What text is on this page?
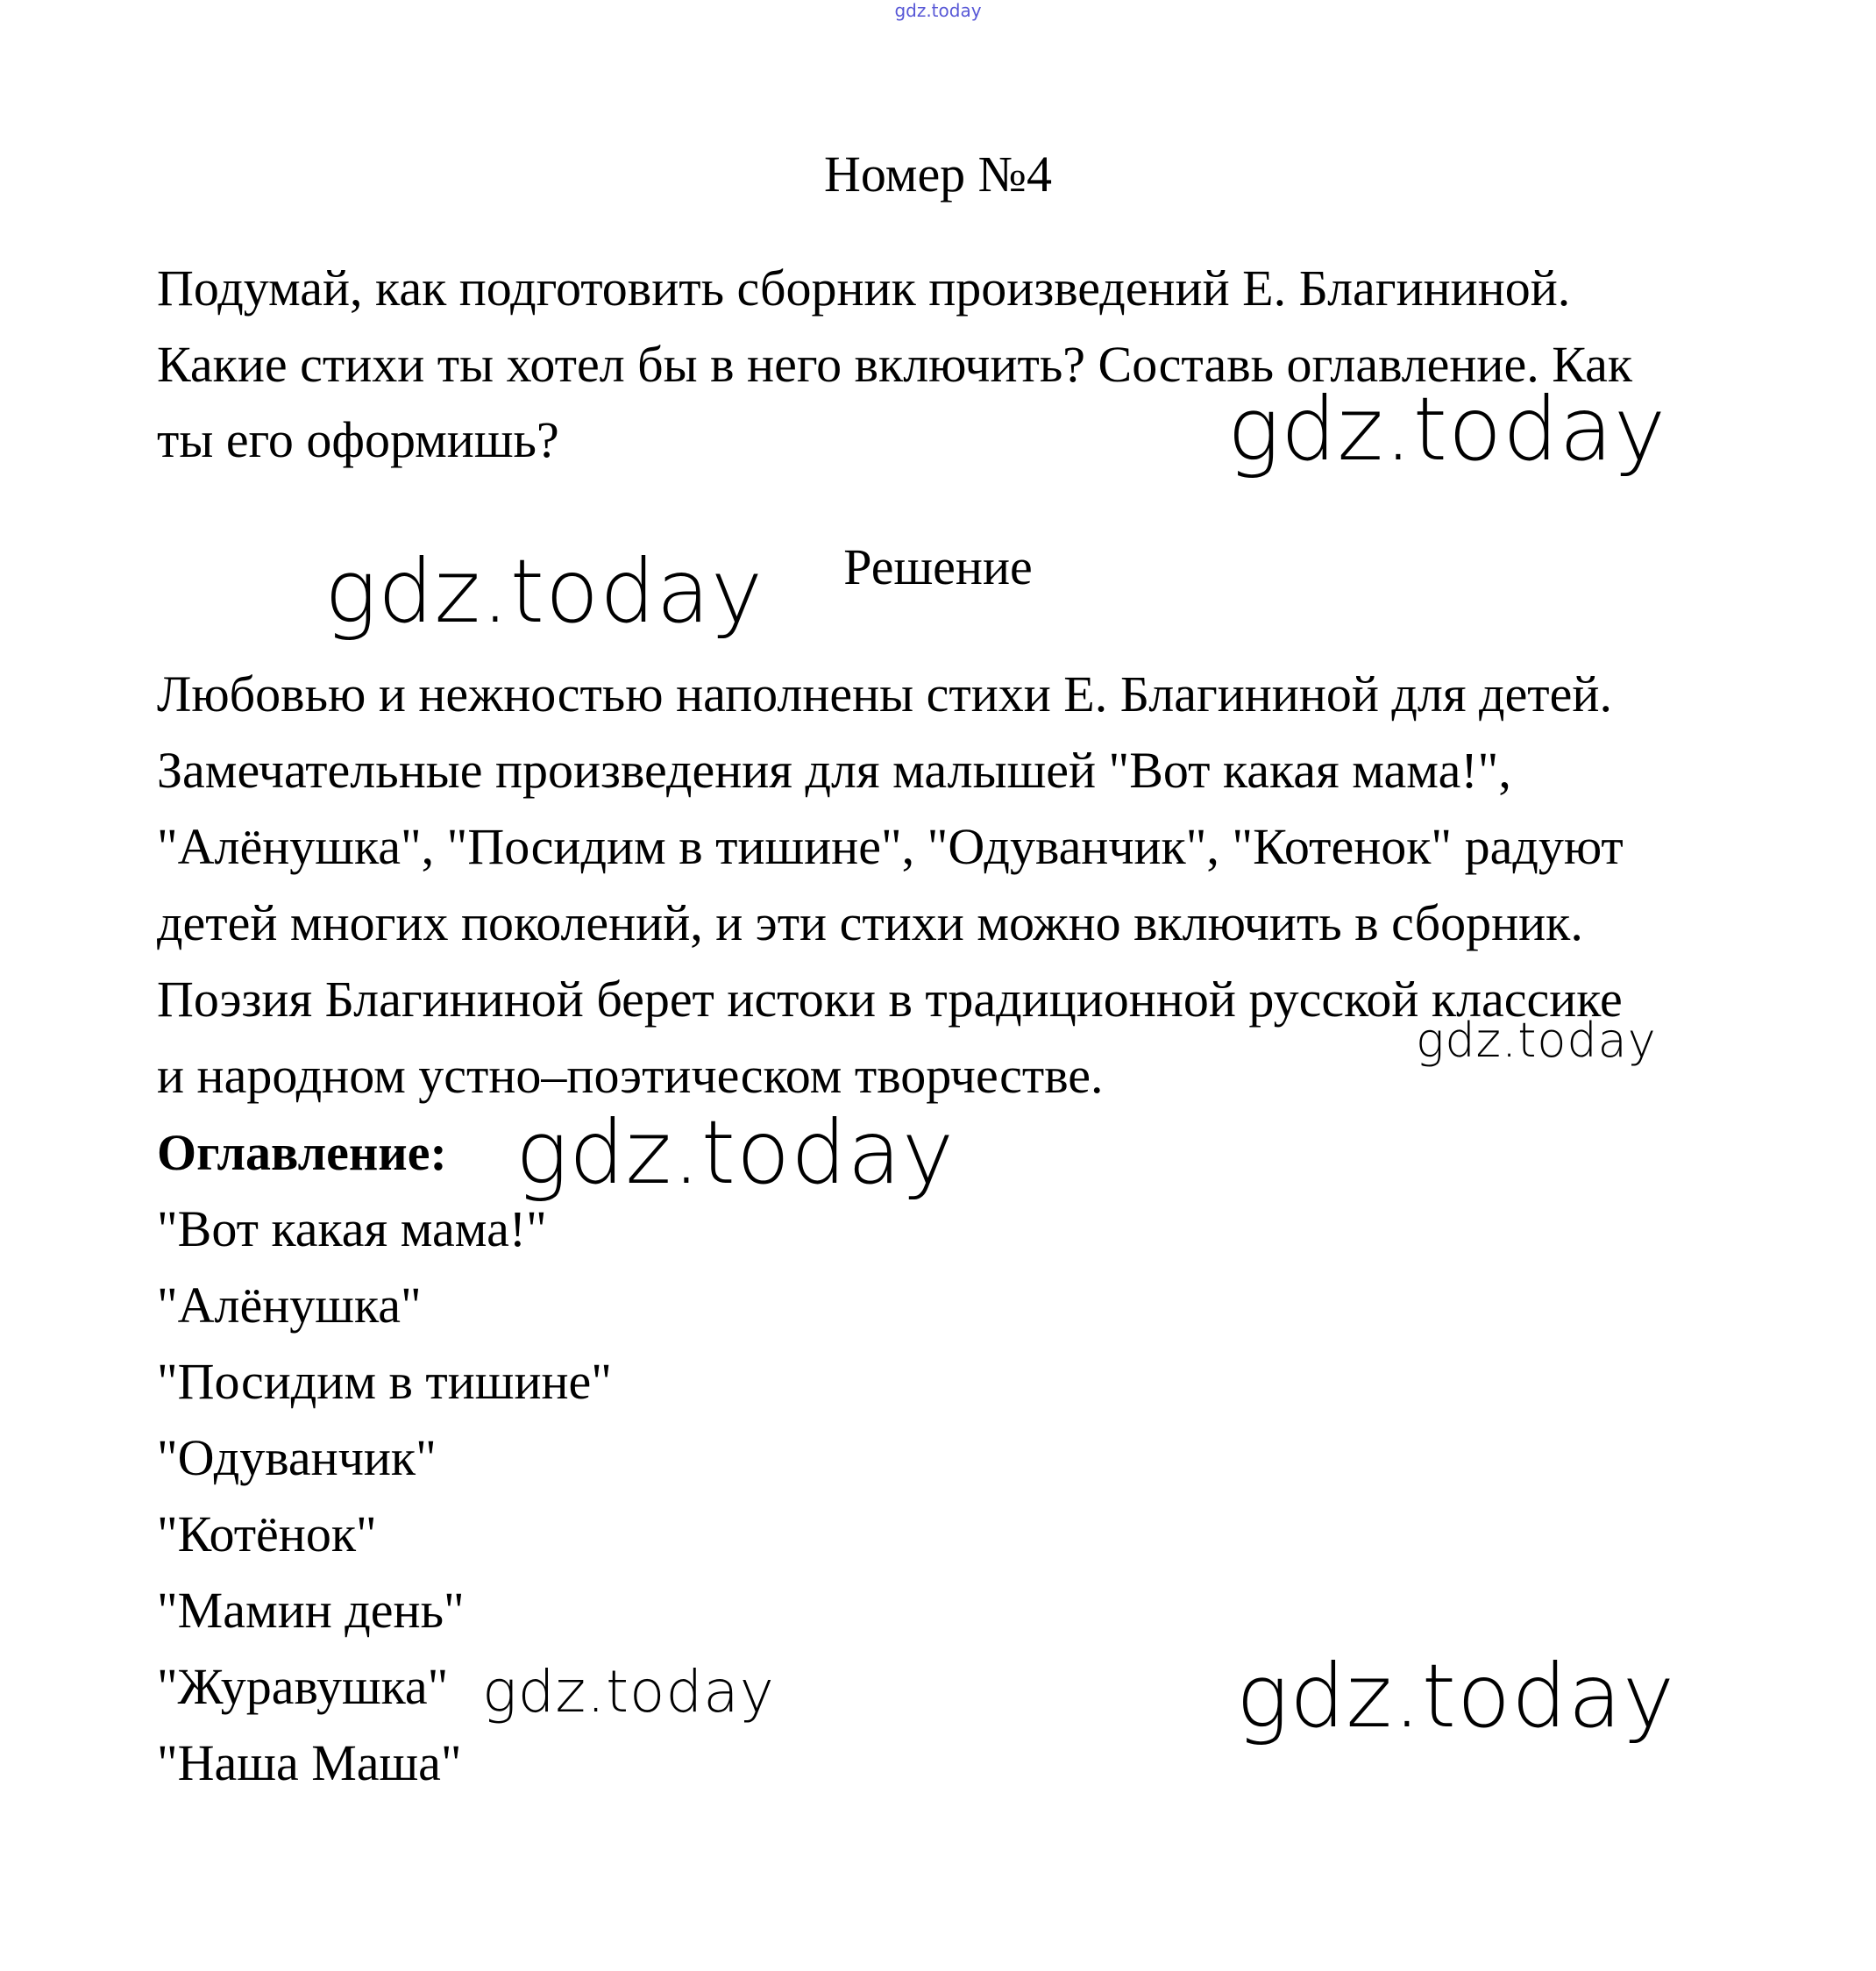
gdz.today
Номер №4
Подумай, как подготовить сборник произведений Е. Благининой.
Какие стихи ты хотел бы в него включить? Составь оглавление. Как
ты его оформишь?
Решение
Любовью и нежностью наполнены стихи Е. Благининой для детей.
Замечательные произведения для малышей "Вот какая мама!",
"Алёнушка", "Посидим в тишине", "Одуванчик", "Котенок" радуют
детей многих поколений, и эти стихи можно включить в сборник.
Поэзия Благининой берет истоки в традиционной русской классике
и народном устно–поэтическом творчестве.
Оглавление:
"Вот какая мама!"
"Алёнушка"
"Посидим в тишине"
"Одуванчик"
"Котёнок"
"Мамин день"
"Журавушка"
"Наша Маша"
gdz.today
gdz.today
gdz.today
gdz.today
gdz.today	gdz.today
